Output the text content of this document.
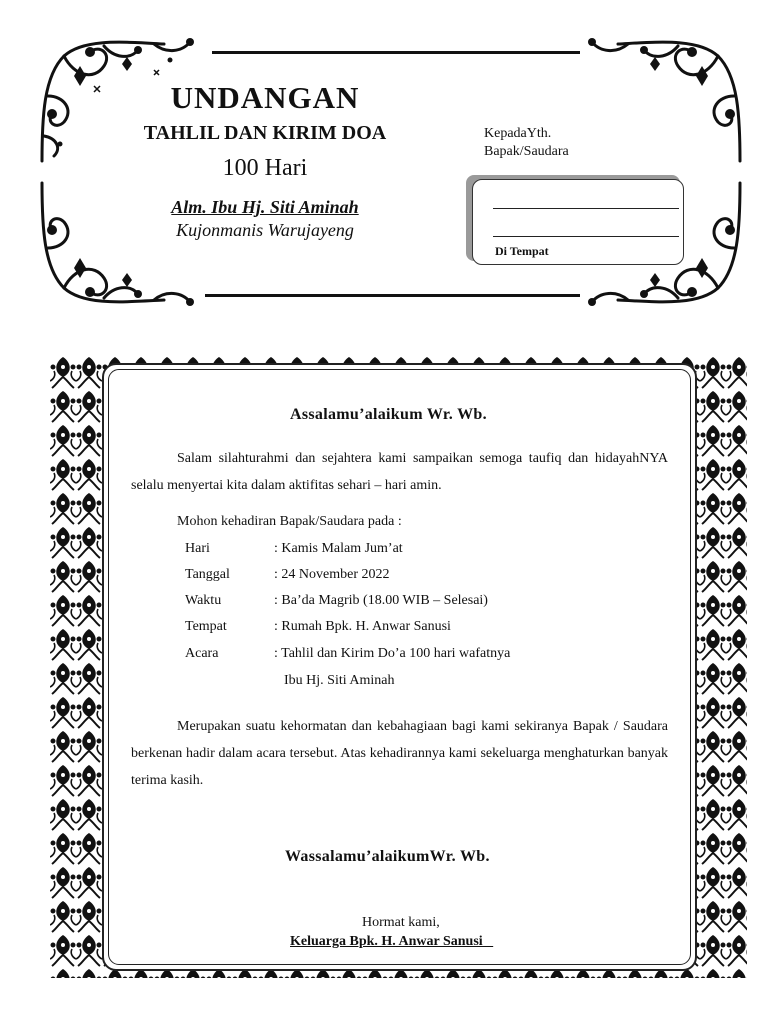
UNDANGAN

TAHLIL DAN KIRIM DOA

100 Hari

Alm. Ibu Hj. Siti Aminah

Kujonmanis Warujayeng

KepadaYth.
Bapak/Saudara
Di Tempat
Assalamu’alaikum Wr. Wb.

Salam silahturahmi dan sejahtera kami sampaikan semoga taufiq dan hidayahNYA selalu menyertai kita dalam aktifitas sehari – hari amin.

Mohon kehadiran Bapak/Saudara pada :
Hari	: Kamis Malam Jum’at
Tanggal	: 24 November 2022
Waktu	: Ba’da Magrib (18.00 WIB – Selesai)
Tempat	: Rumah Bpk. H. Anwar Sanusi
Acara	: Tahlil dan Kirim Do’a 100 hari wafatnya
Ibu Hj. Siti Aminah

Merupakan suatu kehormatan dan kebahagiaan bagi kami sekiranya Bapak / Saudara berkenan hadir dalam acara tersebut. Atas kehadirannya kami sekeluarga menghaturkan banyak terima kasih.

Wassalamu’alaikumWr. Wb.
Hormat kami,
Keluarga Bpk. H. Anwar Sanusi
